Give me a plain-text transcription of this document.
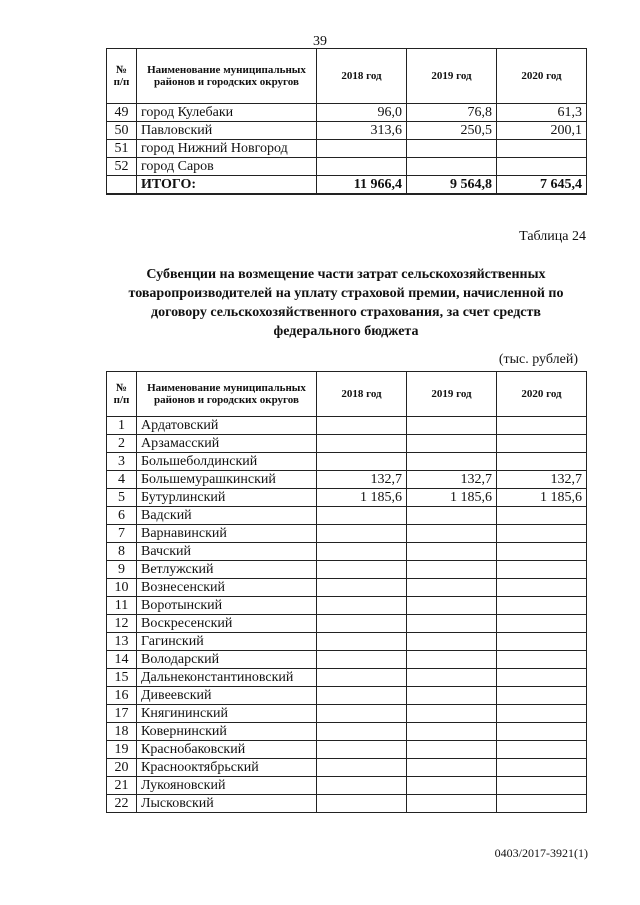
39
№ п/п	Наименование муниципальных районов и городских округов	2018 год	2019 год	2020 год
49	город Кулебаки	96,0	76,8	61,3
50	Павловский	313,6	250,5	200,1
51	город Нижний Новгород			
52	город Саров			
	ИТОГО:	11 966,4	9 564,8	7 645,4
Таблица 24
Субвенции на возмещение части затрат сельскохозяйственных товаропроизводителей на уплату страховой премии, начисленной по договору сельскохозяйственного страхования, за счет средств федерального бюджета
(тыс. рублей)
№ п/п	Наименование муниципальных районов и городских округов	2018 год	2019 год	2020 год
1	Ардатовский			
2	Арзамасский			
3	Большеболдинский			
4	Большемурашкинский	132,7	132,7	132,7
5	Бутурлинский	1 185,6	1 185,6	1 185,6
6	Вадский			
7	Варнавинский			
8	Вачский			
9	Ветлужский			
10	Вознесенский			
11	Воротынский			
12	Воскресенский			
13	Гагинский			
14	Володарский			
15	Дальнеконстантиновский			
16	Дивеевский			
17	Княгининский			
18	Ковернинский			
19	Краснобаковский			
20	Краснооктябрьский			
21	Лукояновский			
22	Лысковский			
0403/2017-3921(1)
